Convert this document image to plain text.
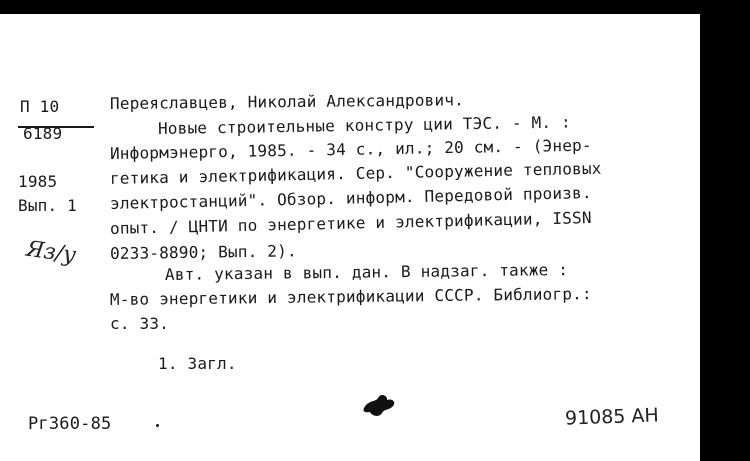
П 10
6189
1985
Вып. 1
Яз/у
Переяславцев, Николай Александрович.
Новые строительные констру ции ТЭС. - М. :
Информэнерго, 1985. - 34 с., ил.; 20 см. - (Энер-
гетика и электрификация. Сер. "Сооружение тепловых
электростанций". Обзор. информ. Передовой произв.
опыт. / ЦНТИ по энергетике и электрификации, ISSN
0233-8890; Вып. 2).
Авт. указан в вып. дан. В надзаг. также :
М-во энергетики и электрификации СССР. Библиогр.:
с. 33.
1. Загл.
Рг360-85	91085 АН
